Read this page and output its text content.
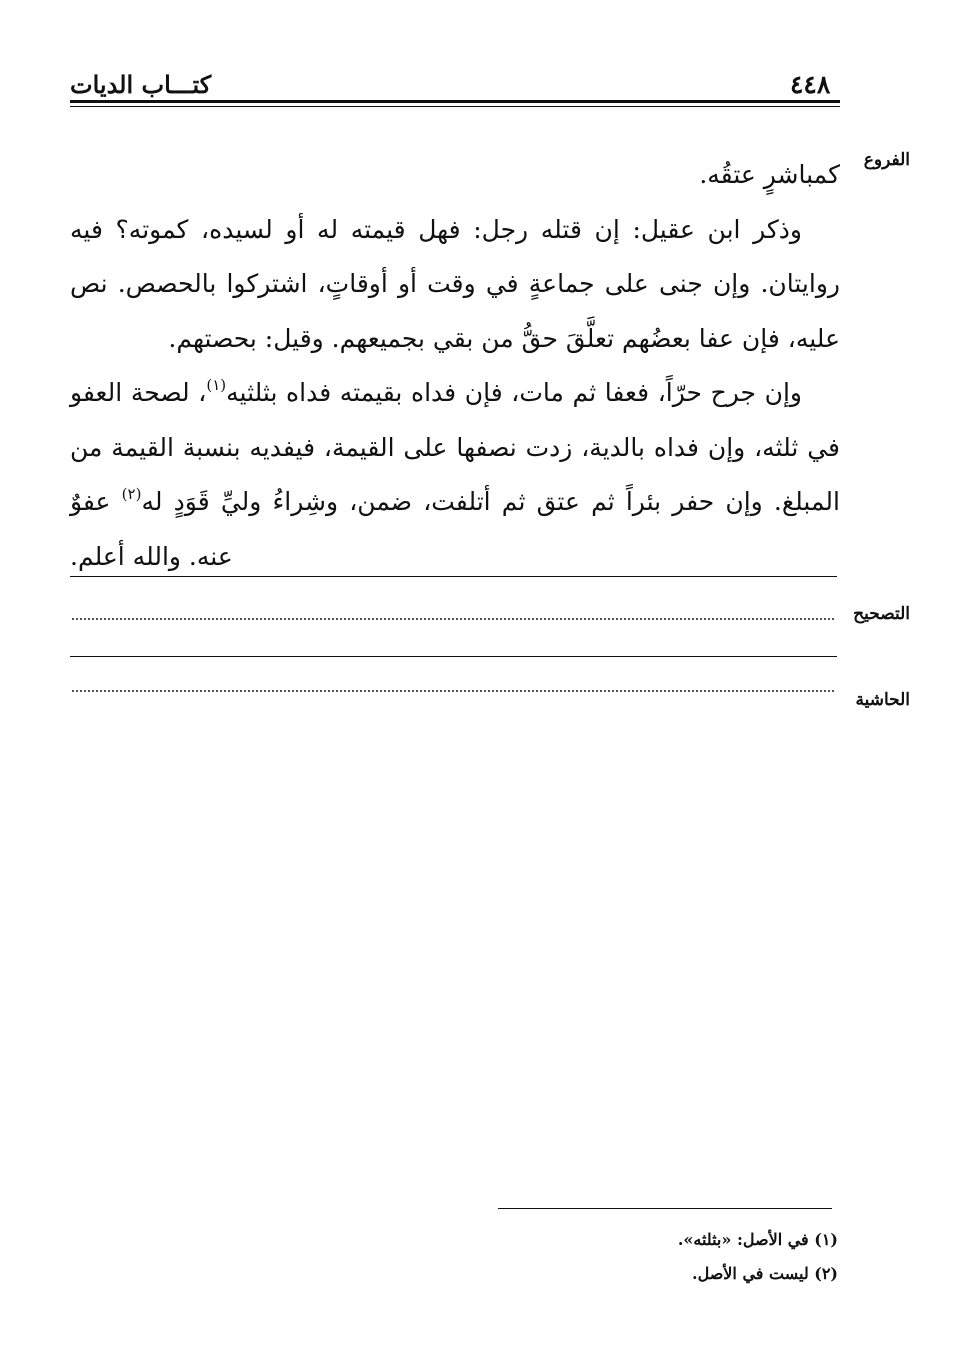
٤٤٨
كتـــاب الديات
الفروع

كمباشرٍ عتقُه.

وذكر ابن عقيل: إن قتله رجل: فهل قيمته له أو لسيده، كموته؟ فيه روايتان. وإن جنى على جماعةٍ في وقت أو أوقاتٍ، اشتركوا بالحصص. نص عليه، فإن عفا بعضُهم تعلَّقَ حقُّ من بقي بجميعهم. وقيل: بحصتهم.

وإن جرح حرّاً، فعفا ثم مات، فإن فداه بقيمته فداه بثلثيه$^{(١)}$، لصحة العفو في ثلثه، وإن فداه بالدية، زدت نصفها على القيمة، فيفديه بنسبة القيمة من المبلغ. وإن حفر بئراً ثم عتق ثم أتلفت، ضمن، وشِراءُ وليِّ قَوَدٍ له$^{(٢)}$ عفوٌ عنه. والله أعلم.

التصحيح
الحاشية
(١) في الأصل: «بثلثه».
(٢) ليست في الأصل.
